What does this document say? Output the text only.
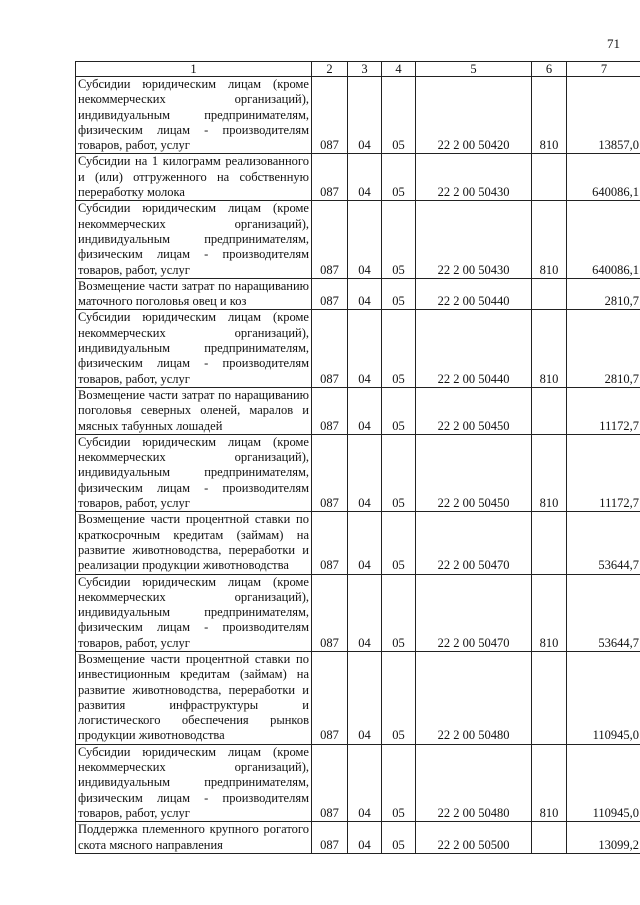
71
1	2	3	4	5	6	7
Субсидии юридическим лицам (кроме некоммерческих организаций), индивидуальным предпринимателям, физическим лицам - производителям товаров, работ, услуг	087	04	05	22 2 00 50420	810	13857,0
Субсидии на 1 килограмм реализованного и (или) отгруженного на собственную переработку молока	087	04	05	22 2 00 50430		640086,1
Субсидии юридическим лицам (кроме некоммерческих организаций), индивидуальным предпринимателям, физическим лицам - производителям товаров, работ, услуг	087	04	05	22 2 00 50430	810	640086,1
Возмещение части затрат по наращиванию маточного поголовья овец и коз	087	04	05	22 2 00 50440		2810,7
Субсидии юридическим лицам (кроме некоммерческих организаций), индивидуальным предпринимателям, физическим лицам - производителям товаров, работ, услуг	087	04	05	22 2 00 50440	810	2810,7
Возмещение части затрат по наращиванию поголовья северных оленей, маралов и мясных табунных лошадей	087	04	05	22 2 00 50450		11172,7
Субсидии юридическим лицам (кроме некоммерческих организаций), индивидуальным предпринимателям, физическим лицам - производителям товаров, работ, услуг	087	04	05	22 2 00 50450	810	11172,7
Возмещение части процентной ставки по краткосрочным кредитам (займам) на развитие животноводства, переработки и реализации продукции животноводства	087	04	05	22 2 00 50470		53644,7
Субсидии юридическим лицам (кроме некоммерческих организаций), индивидуальным предпринимателям, физическим лицам - производителям товаров, работ, услуг	087	04	05	22 2 00 50470	810	53644,7
Возмещение части процентной ставки по инвестиционным кредитам (займам) на развитие животноводства, переработки и развития инфраструктуры и логистического обеспечения рынков продукции животноводства	087	04	05	22 2 00 50480		110945,0
Субсидии юридическим лицам (кроме некоммерческих организаций), индивидуальным предпринимателям, физическим лицам - производителям товаров, работ, услуг	087	04	05	22 2 00 50480	810	110945,0
Поддержка племенного крупного рогатого скота мясного направления	087	04	05	22 2 00 50500		13099,2
